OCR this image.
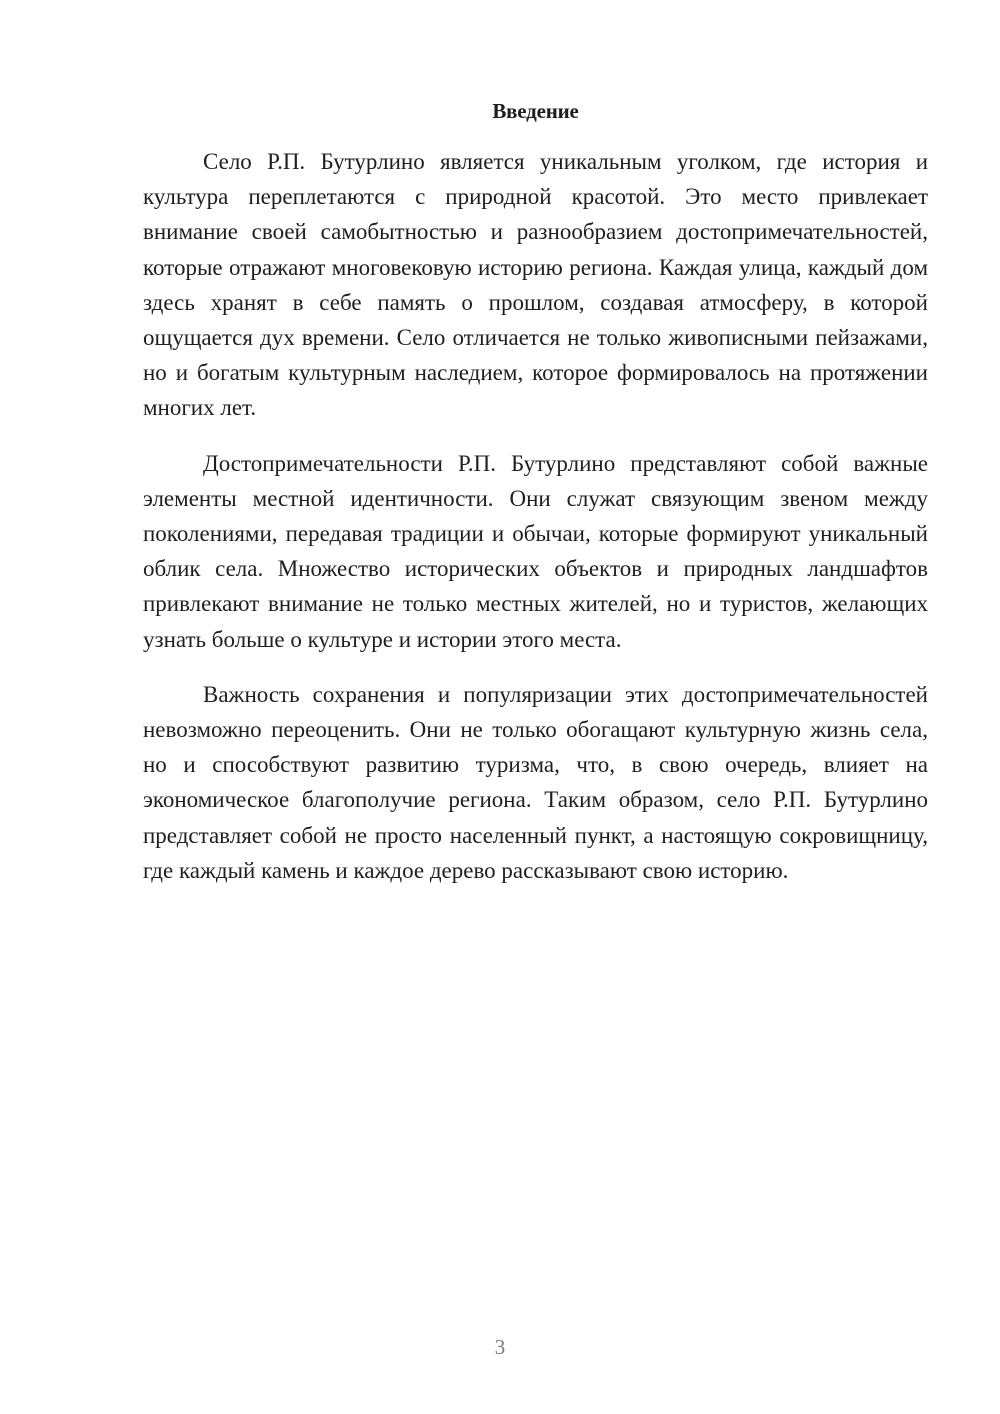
Введение

Село Р.П. Бутурлино является уникальным уголком, где история и культура переплетаются с природной красотой. Это место привлекает внимание своей самобытностью и разнообразием достопримечательностей, которые отражают многовековую историю региона. Каждая улица, каждый дом здесь хранят в себе память о прошлом, создавая атмосферу, в которой ощущается дух времени. Село отличается не только живописными пейзажами, но и богатым культурным наследием, которое формировалось на протяжении многих лет.

Достопримечательности Р.П. Бутурлино представляют собой важные элементы местной идентичности. Они служат связующим звеном между поколениями, передавая традиции и обычаи, которые формируют уникальный облик села. Множество исторических объектов и природных ландшафтов привлекают внимание не только местных жителей, но и туристов, желающих узнать больше о культуре и истории этого места.

Важность сохранения и популяризации этих достопримечательностей невозможно переоценить. Они не только обогащают культурную жизнь села, но и способствуют развитию туризма, что, в свою очередь, влияет на экономическое благополучие региона. Таким образом, село Р.П. Бутурлино представляет собой не просто населенный пункт, а настоящую сокровищницу, где каждый камень и каждое дерево рассказывают свою историю.

3
